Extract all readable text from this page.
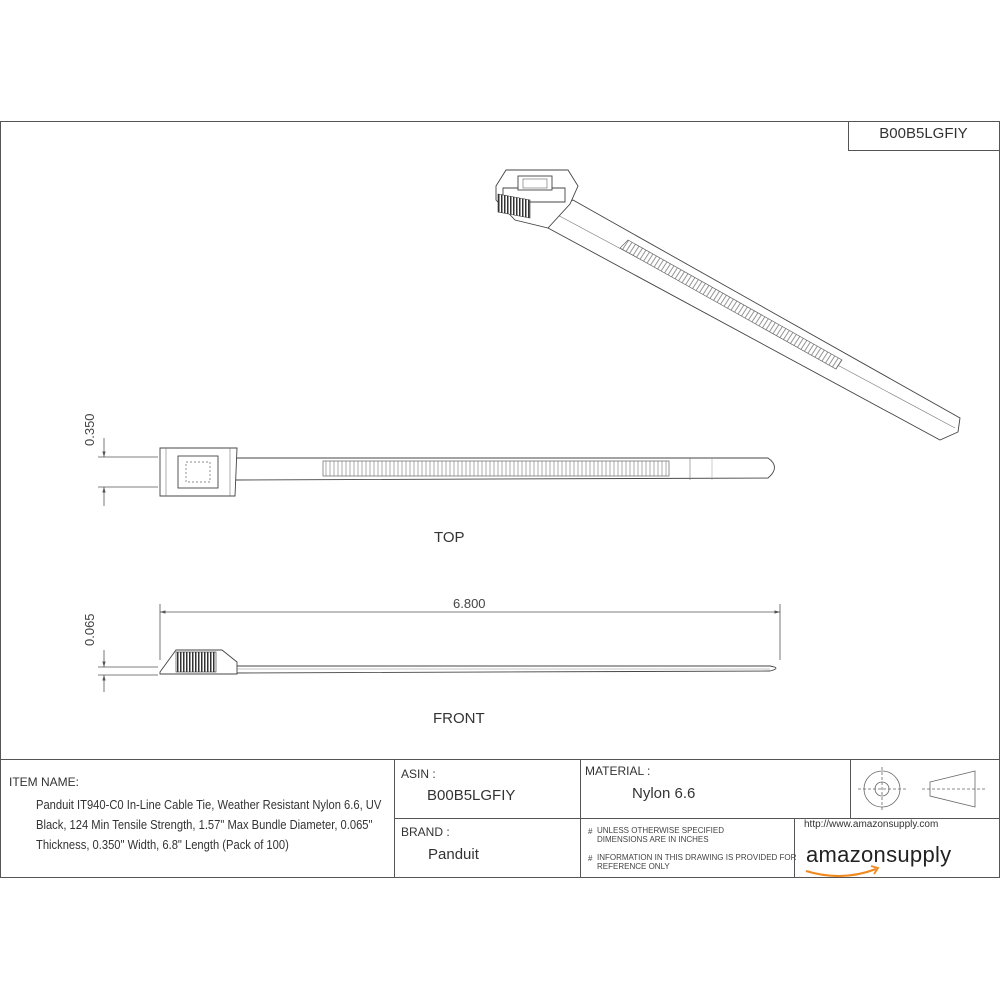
B00B5LGFIY
TOP
FRONT
0.350
0.065
6.800
ITEM NAME:
Panduit IT940-C0 In-Line Cable Tie, Weather Resistant Nylon 6.6, UV
Black, 124 Min Tensile Strength, 1.57" Max Bundle Diameter, 0.065"
Thickness, 0.350" Width, 6.8" Length (Pack of 100)
ASIN :
B00B5LGFIY
BRAND :
Panduit
MATERIAL :
Nylon 6.6
# UNLESS OTHERWISE SPECIFIED
DIMENSIONS ARE IN INCHES
# INFORMATION IN THIS DRAWING IS PROVIDED FOR
REFERENCE ONLY
http://www.amazonsupply.com
amazonsupply
